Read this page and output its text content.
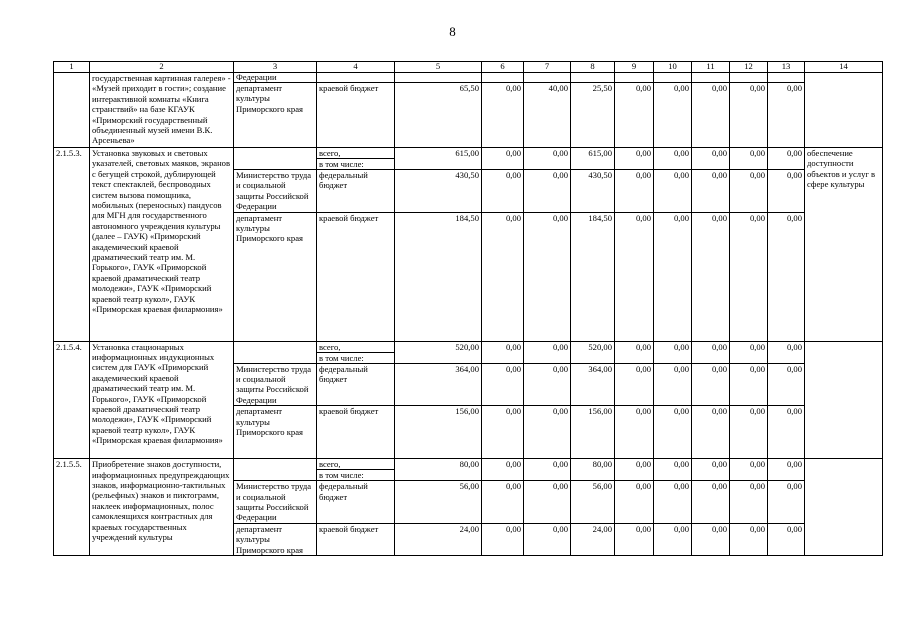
8
1	2	3	4	5	6	7	8	9	10	11	12	13	14
	государственная картинная галерея» - «Музей приходит в гости»; создание интерактивной комнаты «Книга странствий» на базе КГАУК «Приморский государственный объединенный музей имени В.К. Арсеньева»	Федерации											
		департамент культуры Приморского края	краевой бюджет	65,50	0,00	40,00	25,50	0,00	0,00	0,00	0,00	0,00	
2.1.5.3.	Установка звуковых и световых указателей, световых маяков, экранов с бегущей строкой, дублирующей текст спектаклей, беспроводных систем вызова помощника, мобильных (переносных) пандусов для МГН для государственного автономного учреждения культуры (далее – ГАУК) «Приморский академический краевой драматический театр им. М. Горького», ГАУК «Приморской краевой драматический театр молодежи», ГАУК «Приморский краевой театр кукол», ГАУК «Приморская краевая филармония»		всего,	615,00	0,00	0,00	615,00	0,00	0,00	0,00	0,00	0,00	обеспечение доступности объектов и услуг в сфере культуры
			в том числе:										
		Министерство труда и социальной защиты Российской Федерации	федеральный бюджет	430,50	0,00	0,00	430,50	0,00	0,00	0,00	0,00	0,00	
		департамент культуры Приморского края	краевой бюджет	184,50	0,00	0,00	184,50	0,00	0,00	0,00	0,00	0,00	
2.1.5.4.	Установка стационарных информационных индукционных систем для ГАУК «Приморский академический краевой драматический театр им. М. Горького», ГАУК «Приморской краевой драматический театр молодежи», ГАУК «Приморский краевой театр кукол», ГАУК «Приморская краевая филармония»		всего,	520,00	0,00	0,00	520,00	0,00	0,00	0,00	0,00	0,00	
			в том числе:										
		Министерство труда и социальной защиты Российской Федерации	федеральный бюджет	364,00	0,00	0,00	364,00	0,00	0,00	0,00	0,00	0,00	
		департамент культуры Приморского края	краевой бюджет	156,00	0,00	0,00	156,00	0,00	0,00	0,00	0,00	0,00	
2.1.5.5.	Приобретение знаков доступности, информационных предупреждающих знаков, информационно-тактильных (рельефных) знаков и пиктограмм, наклеек информационных, полос самоклеящихся контрастных для краевых государственных учреждений культуры		всего,	80,00	0,00	0,00	80,00	0,00	0,00	0,00	0,00	0,00	
			в том числе:										
		Министерство труда и социальной защиты Российской Федерации	федеральный бюджет	56,00	0,00	0,00	56,00	0,00	0,00	0,00	0,00	0,00	
		департамент культуры Приморского края	краевой бюджет	24,00	0,00	0,00	24,00	0,00	0,00	0,00	0,00	0,00	
